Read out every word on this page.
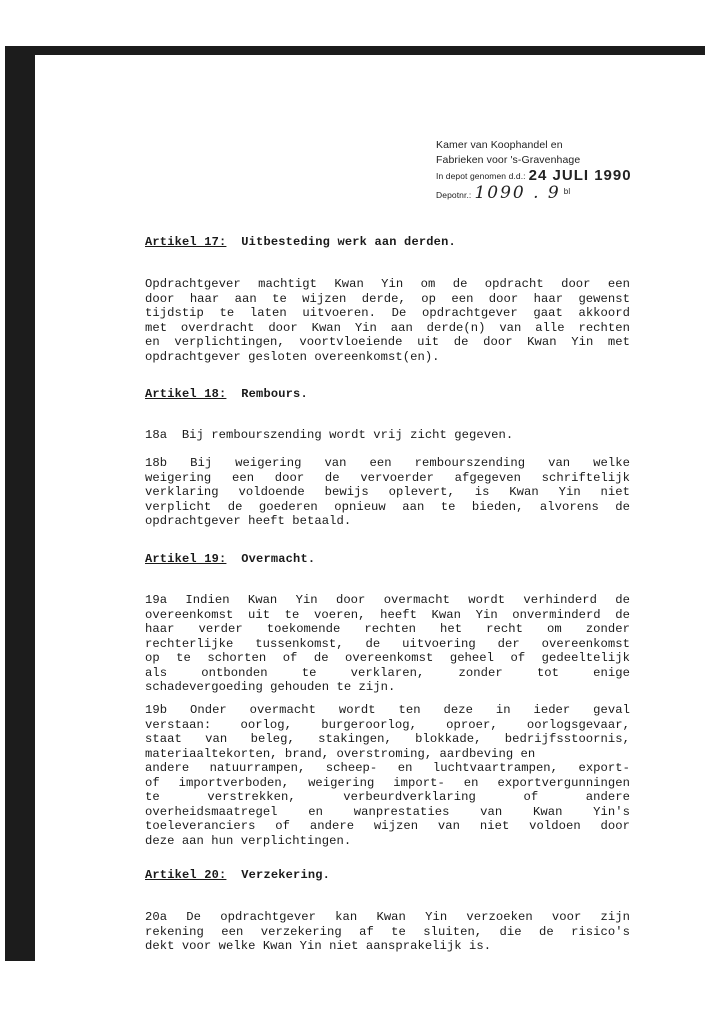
Kamer van Koophandel en
Fabrieken voor 's-Gravenhage
In depot genomen d.d.: 24 JULI 1990
Depotnr.: 1090 . 9 $^{bl}$
Artikel 17: Uitbesteding werk aan derden.
Opdrachtgever machtigt Kwan Yin om de opdracht door een
door haar aan te wijzen derde, op een door haar gewenst
tijdstip te laten uitvoeren. De opdrachtgever gaat akkoord
met overdracht door Kwan Yin aan derde(n) van alle rechten
en verplichtingen, voortvloeiende uit de door Kwan Yin met
opdrachtgever gesloten overeenkomst(en).
Artikel 18: Rembours.
18a  Bij rembourszending wordt vrij zicht gegeven.
18b Bij weigering van een rembourszending van welke
weigering een door de vervoerder afgegeven schriftelijk
verklaring voldoende bewijs oplevert, is Kwan Yin niet
verplicht de goederen opnieuw aan te bieden, alvorens de
opdrachtgever heeft betaald.
Artikel 19: Overmacht.
19a Indien Kwan Yin door overmacht wordt verhinderd de
overeenkomst uit te voeren, heeft Kwan Yin onverminderd de
haar verder toekomende rechten het recht om zonder
rechterlijke tussenkomst, de uitvoering der overeenkomst
op te schorten of de overeenkomst geheel of gedeeltelijk
als ontbonden te verklaren, zonder tot enige
schadevergoeding gehouden te zijn.
19b Onder overmacht wordt ten deze in ieder geval
verstaan: oorlog, burgeroorlog, oproer, oorlogsgevaar,
staat van beleg, stakingen, blokkade, bedrijfsstoornis,
materiaaltekorten, brand, overstroming, aardbeving en
andere natuurrampen, scheep- en luchtvaartrampen, export-
of importverboden, weigering import- en exportvergunningen
te verstrekken, verbeurdverklaring of andere
overheidsmaatregel en wanprestaties van Kwan Yin's
toeleveranciers of andere wijzen van niet voldoen door
deze aan hun verplichtingen.
Artikel 20: Verzekering.
20a De opdrachtgever kan Kwan Yin verzoeken voor zijn
rekening een verzekering af te sluiten, die de risico's
dekt voor welke Kwan Yin niet aansprakelijk is.
